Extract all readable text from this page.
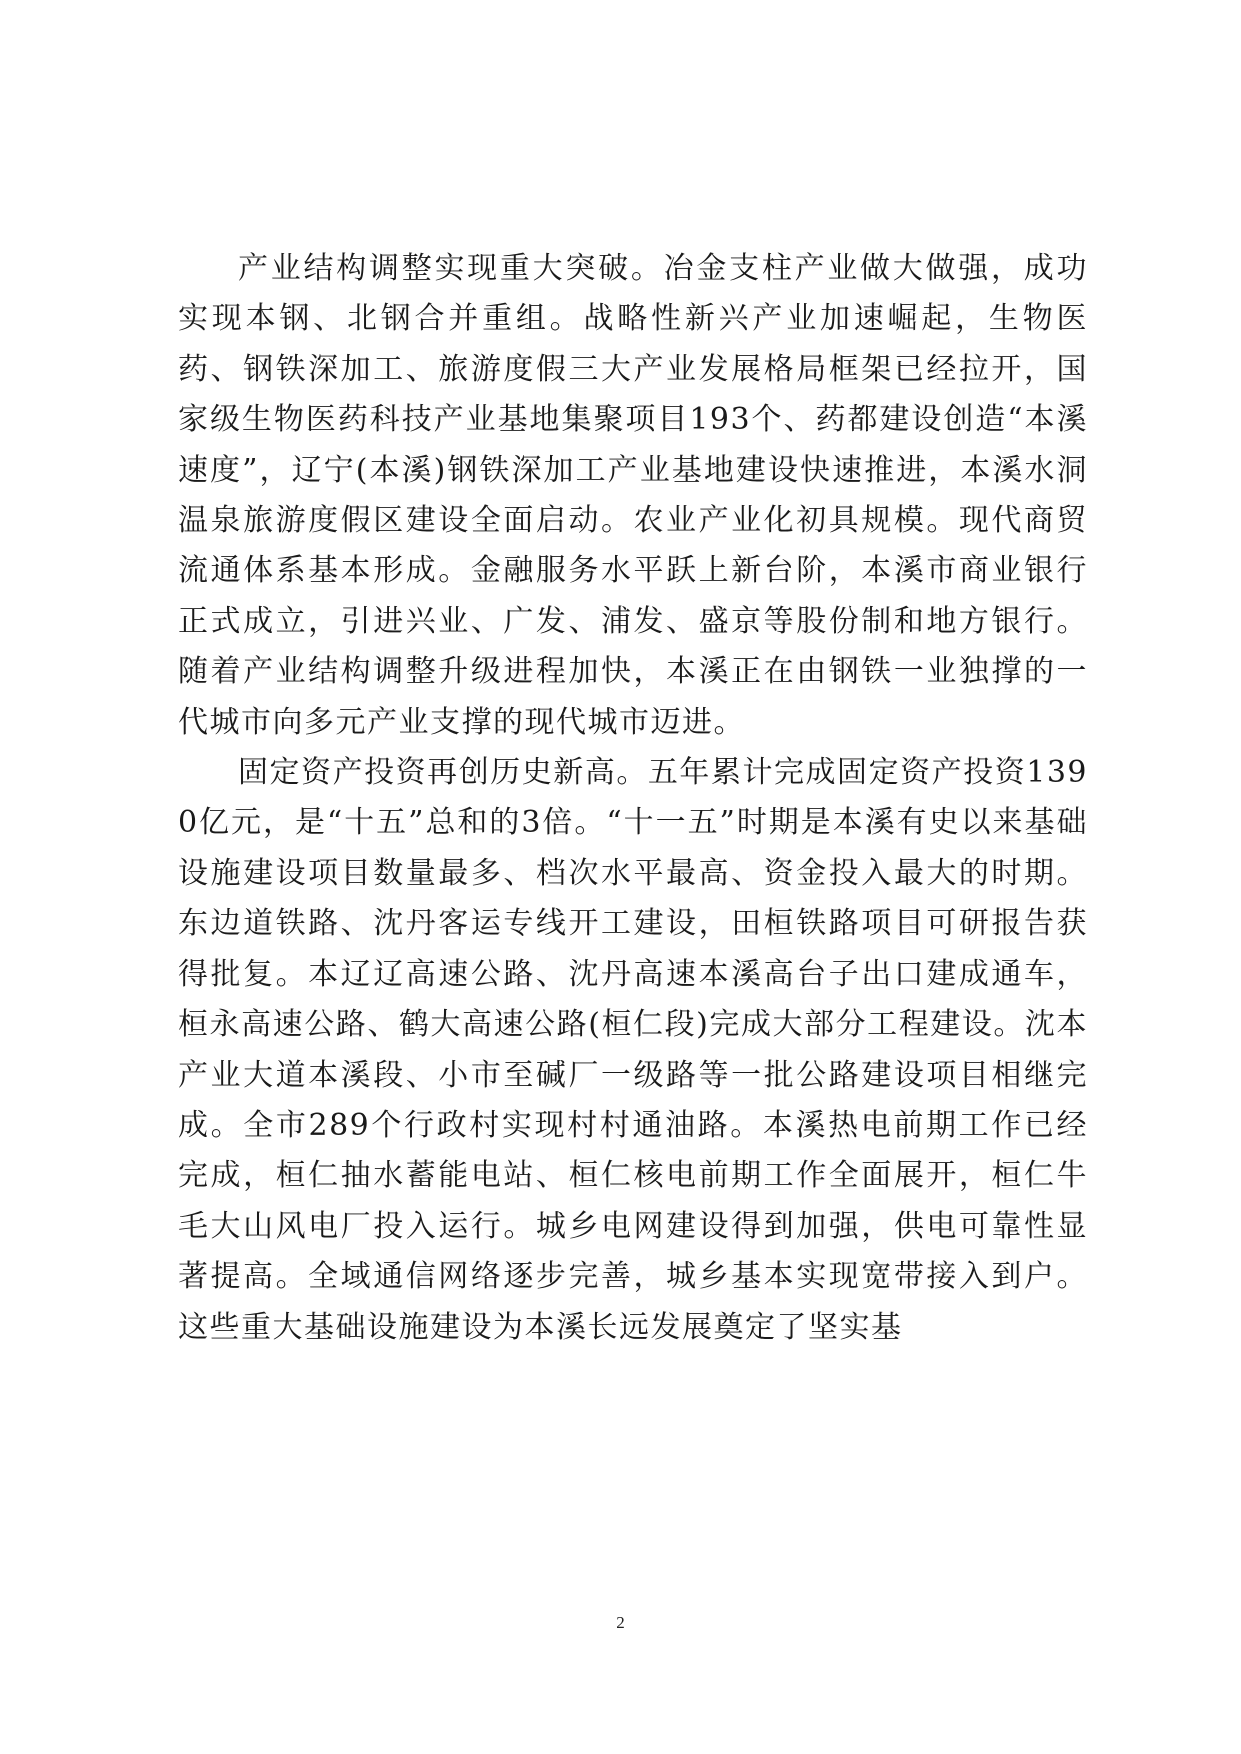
产业结构调整实现重大突破。冶金支柱产业做大做强，成功实现本钢、北钢合并重组。战略性新兴产业加速崛起，生物医药、钢铁深加工、旅游度假三大产业发展格局框架已经拉开，国家级生物医药科技产业基地集聚项目193个、药都建设创造“本溪速度”，辽宁(本溪)钢铁深加工产业基地建设快速推进，本溪水洞温泉旅游度假区建设全面启动。农业产业化初具规模。现代商贸流通体系基本形成。金融服务水平跃上新台阶，本溪市商业银行正式成立，引进兴业、广发、浦发、盛京等股份制和地方银行。随着产业结构调整升级进程加快，本溪正在由钢铁一业独撑的一代城市向多元产业支撑的现代城市迈进。

固定资产投资再创历史新高。五年累计完成固定资产投资1390亿元，是“十五”总和的3倍。“十一五”时期是本溪有史以来基础设施建设项目数量最多、档次水平最高、资金投入最大的时期。东边道铁路、沈丹客运专线开工建设，田桓铁路项目可研报告获得批复。本辽辽高速公路、沈丹高速本溪高台子出口建成通车，桓永高速公路、鹤大高速公路(桓仁段)完成大部分工程建设。沈本产业大道本溪段、小市至碱厂一级路等一批公路建设项目相继完成。全市289个行政村实现村村通油路。本溪热电前期工作已经完成，桓仁抽水蓄能电站、桓仁核电前期工作全面展开，桓仁牛毛大山风电厂投入运行。城乡电网建设得到加强，供电可靠性显著提高。全域通信网络逐步完善，城乡基本实现宽带接入到户。这些重大基础设施建设为本溪长远发展奠定了坚实基

2
